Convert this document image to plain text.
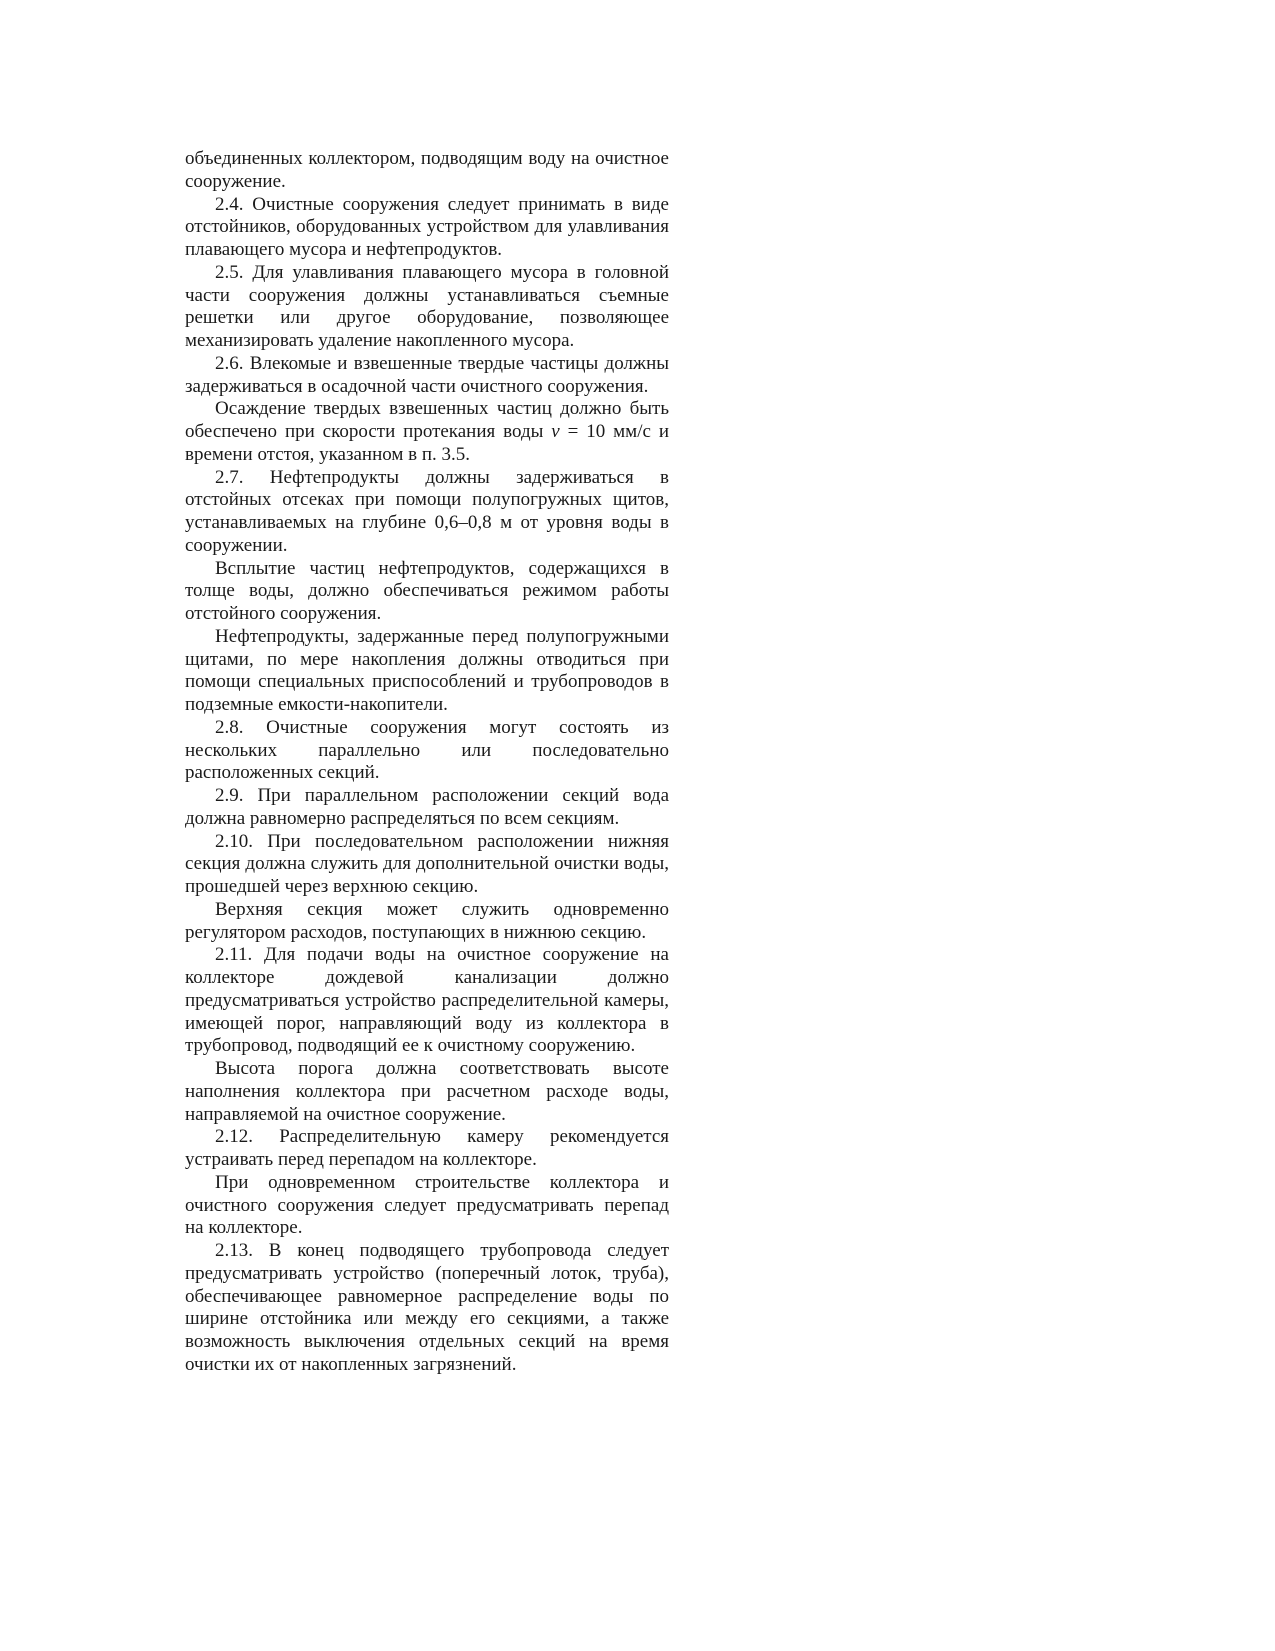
объединенных коллектором, подводящим воду на очистное сооружение.

2.4. Очистные сооружения следует принимать в виде отстойников, оборудованных устройством для улавливания плавающего мусора и нефтепродуктов.

2.5. Для улавливания плавающего мусора в головной части сооружения должны устанавливаться съемные решетки или другое оборудование, позволяющее механизировать удаление накопленного мусора.

2.6. Влекомые и взвешенные твердые частицы должны задерживаться в осадочной части очистного сооружения.

Осаждение твердых взвешенных частиц должно быть обеспечено при скорости протекания воды v = 10 мм/с и времени отстоя, указанном в п. 3.5.

2.7. Нефтепродукты должны задерживаться в отстойных отсеках при помощи полупогружных щитов, устанавливаемых на глубине 0,6–0,8 м от уровня воды в сооружении.

Всплытие частиц нефтепродуктов, содержащихся в толще воды, должно обеспечиваться режимом работы отстойного сооружения.

Нефтепродукты, задержанные перед полупогружными щитами, по мере накопления должны отводиться при помощи специальных приспособлений и трубопроводов в подземные емкости-накопители.

2.8. Очистные сооружения могут состоять из нескольких параллельно или последовательно расположенных секций.

2.9. При параллельном расположении секций вода должна равномерно распределяться по всем секциям.

2.10. При последовательном расположении нижняя секция должна служить для дополнительной очистки воды, прошедшей через верхнюю секцию.

Верхняя секция может служить одновременно регулятором расходов, поступающих в нижнюю секцию.

2.11. Для подачи воды на очистное сооружение на коллекторе дождевой канализации должно предусматриваться устройство распределительной камеры, имеющей порог, направляющий воду из коллектора в трубопровод, подводящий ее к очистному сооружению.

Высота порога должна соответствовать высоте наполнения коллектора при расчетном расходе воды, направляемой на очистное сооружение.

2.12. Распределительную камеру рекомендуется устраивать перед перепадом на коллекторе.

При одновременном строительстве коллектора и очистного сооружения следует предусматривать перепад на коллекторе.

2.13. В конец подводящего трубопровода следует предусматривать устройство (поперечный лоток, труба), обеспечивающее равномерное распределение воды по ширине отстойника или между его секциями, а также возможность выключения отдельных секций на время очистки их от накопленных загрязнений.
